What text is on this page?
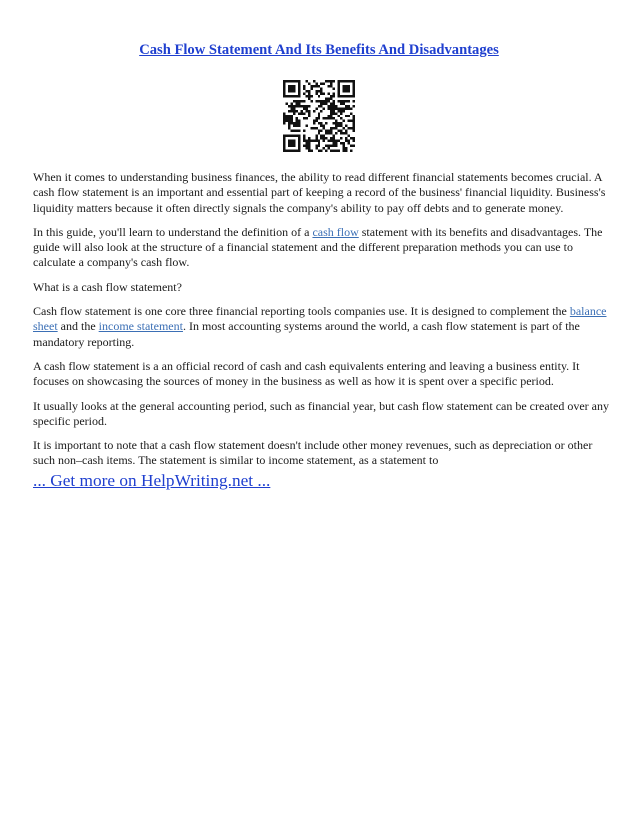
Cash Flow Statement And Its Benefits And Disadvantages

When it comes to understanding business finances, the ability to read different financial statements becomes crucial. A cash flow statement is an important and essential part of keeping a record of the business' financial liquidity. Business's liquidity matters because it often directly signals the company's ability to pay off debts and to generate money.

In this guide, you'll learn to understand the definition of a cash flow statement with its benefits and disadvantages. The guide will also look at the structure of a financial statement and the different preparation methods you can use to calculate a company's cash flow.

What is a cash flow statement?

Cash flow statement is one core three financial reporting tools companies use. It is designed to complement the balance sheet and the income statement. In most accounting systems around the world, a cash flow statement is part of the mandatory reporting.

A cash flow statement is a an official record of cash and cash equivalents entering and leaving a business entity. It focuses on showcasing the sources of money in the business as well as how it is spent over a specific period.

It usually looks at the general accounting period, such as financial year, but cash flow statement can be created over any specific period.

It is important to note that a cash flow statement doesn't include other money revenues, such as depreciation or other such non–cash items. The statement is similar to income statement, as a statement to

... Get more on HelpWriting.net ...
